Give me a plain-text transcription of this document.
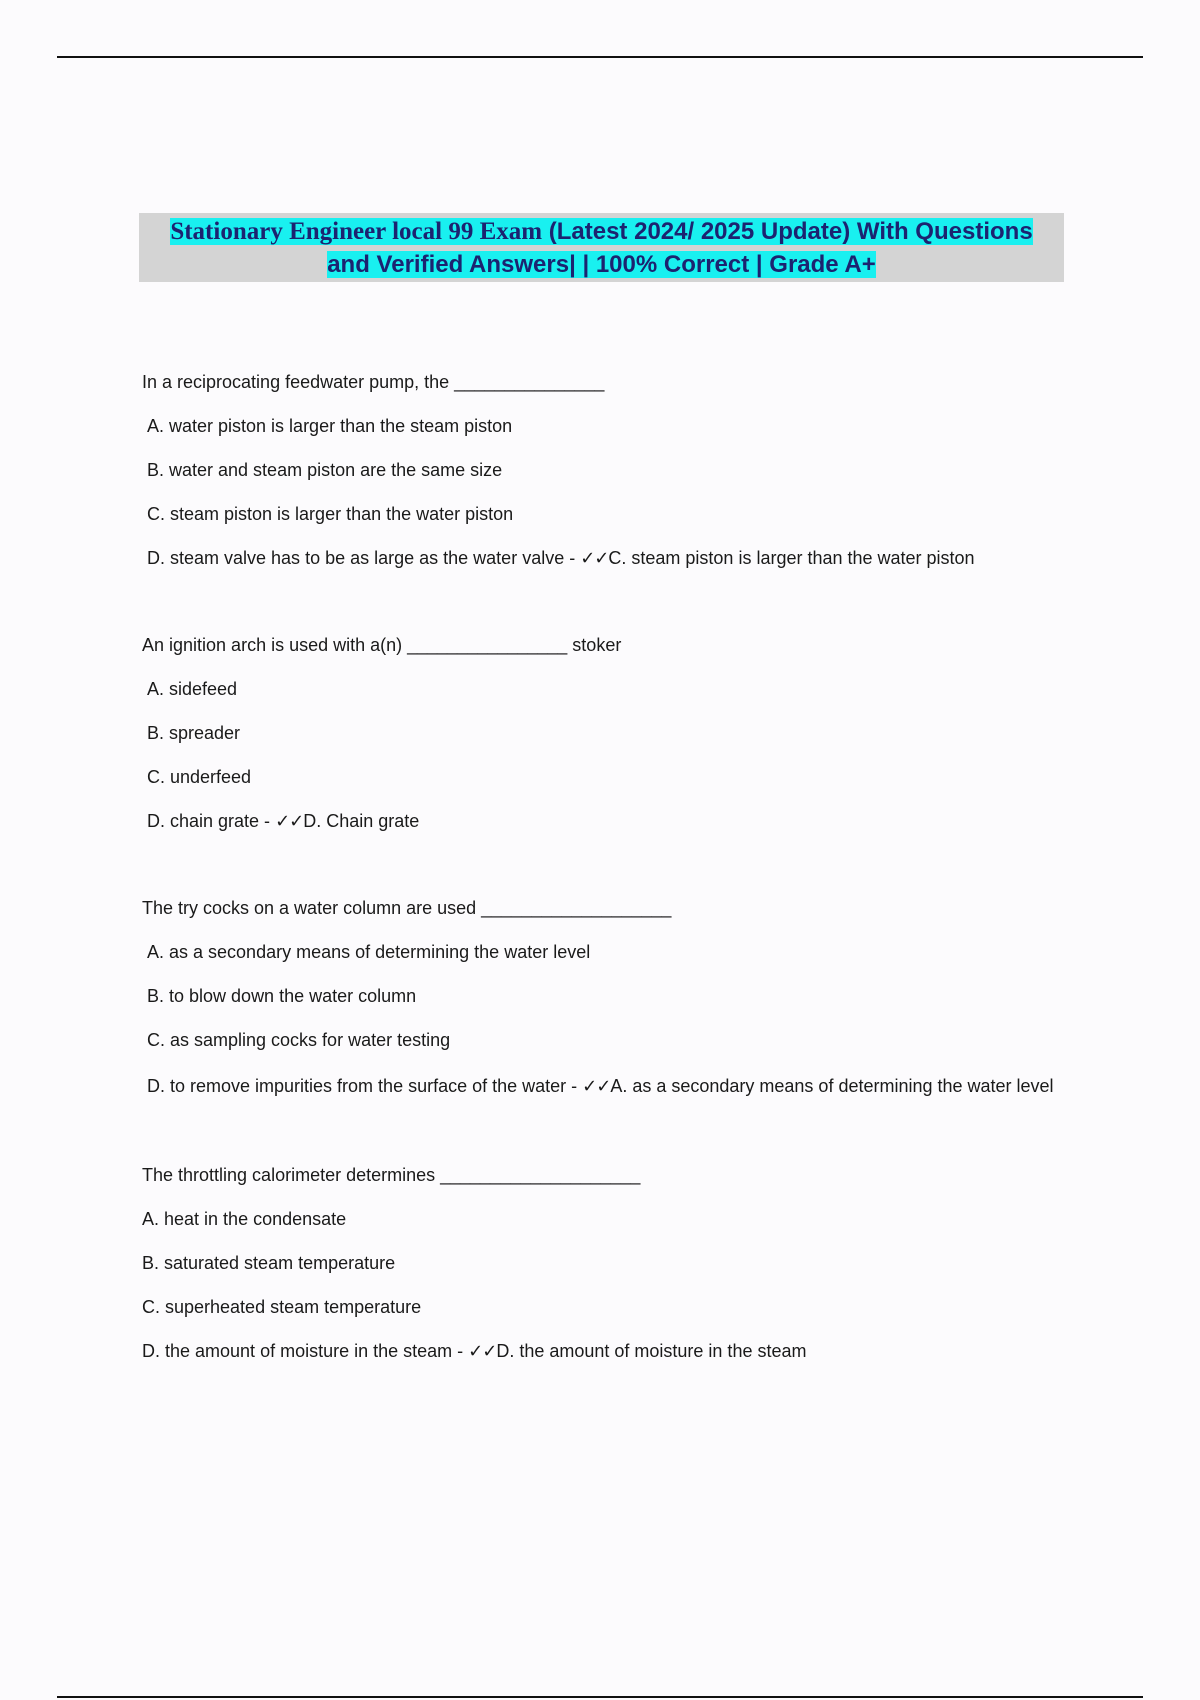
Stationary Engineer local 99 Exam (Latest 2024/ 2025 Update) With Questions
and Verified Answers| | 100% Correct | Grade A+
In a reciprocating feedwater pump, the _______________
A. water piston is larger than the steam piston
B. water and steam piston are the same size
C. steam piston is larger than the water piston
D. steam valve has to be as large as the water valve - ✓✓C. steam piston is larger than the water piston
An ignition arch is used with a(n) ________________ stoker
A. sidefeed
B. spreader
C. underfeed
D. chain grate - ✓✓D. Chain grate
The try cocks on a water column are used ___________________
A. as a secondary means of determining the water level
B. to blow down the water column
C. as sampling cocks for water testing
D. to remove impurities from the surface of the water - ✓✓A. as a secondary means of determining the water level
The throttling calorimeter determines ____________________
A. heat in the condensate
B. saturated steam temperature
C. superheated steam temperature
D. the amount of moisture in the steam - ✓✓D. the amount of moisture in the steam
